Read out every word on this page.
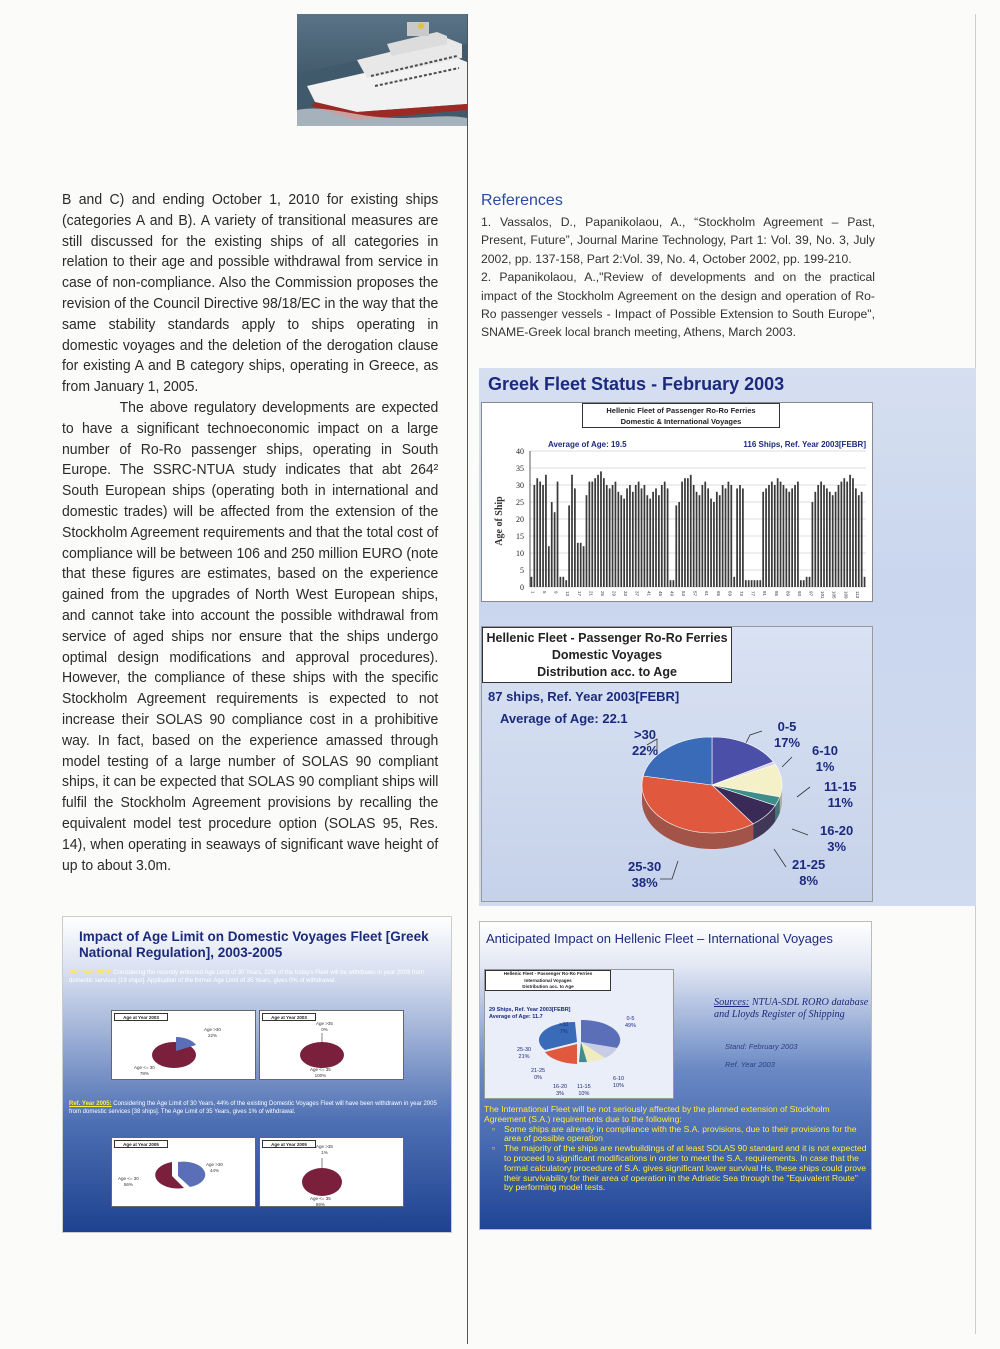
B and C) and ending October 1, 2010 for existing ships (categories A and B). A variety of transitional measures are still discussed for the existing ships of all categories in relation to their age and possible withdrawal from service in case of non-compliance. Also the Commission proposes the revision of the Council Directive 98/18/EC in the way that the same stability standards apply to ships operating in domestic voyages and the deletion of the derogation clause for existing A and B category ships, operating in Greece, as from January 1, 2005.

The above regulatory developments are expected to have a significant technoeconomic impact on a large number of Ro-Ro passenger ships, operating in South Europe. The SSRC-NTUA study indicates that abt 264² South European ships (operating both in international and domestic trades) will be affected from the extension of the Stockholm Agreement requirements and that the total cost of compliance will be between 106 and 250 million EURO (note that these figures are estimates, based on the experience gained from the upgrades of North West European ships, and cannot take into account the possible withdrawal from service of aged ships nor ensure that the ships undergo optimal design modifications and approval procedures). However, the compliance of these ships with the specific Stockholm Agreement requirements is expected to not increase their SOLAS 90 compliance cost in a prohibitive way. In fact, based on the experience amassed through model testing of a large number of SOLAS 90 compliant ships, it can be expected that SOLAS 90 compliant ships will fulfil the Stockholm Agreement provisions by recalling the equivalent model test procedure option (SOLAS 95, Res. 14), when operating in seaways of significant wave height of up to about 3.0m.

References
1. Vassalos, D., Papanikolaou, A., “Stockholm Agreement – Past, Present, Future”, Journal Marine Technology, Part 1: Vol. 39, No. 3, July 2002, pp. 137-158, Part 2:Vol. 39, No. 4, October 2002, pp. 199-210.
2. Papanikolaou, A.,"Review of developments and on the practical impact of the Stockholm Agreement on the design and operation of Ro-Ro passenger vessels - Impact of Possible Extension to South Europe", SNAME-Greek local branch meeting, Athens, March 2003.
Greek Fleet Status - February 2003
Hellenic Fleet of Passenger Ro-Ro Ferries
Domestic & International Voyages
Average of Age: 19.5	116 Ships, Ref. Year 2003[FEBR]
Age of Ship
0
5
10
15
20
25
30
35
40
1 5 9 13 17 21 25 29 33 37 41 45 49 53 57 61 65 69 73 77 81 85 89 93 97 101 105 109 113
Hellenic Fleet - Passenger Ro-Ro Ferries
Domestic Voyages
Distribution acc. to Age
87 ships, Ref. Year 2003[FEBR]
Average of Age: 22.1
0-5
17%
6-10
1%
11-15
11%
16-20
3%
21-25
8%
25-30
38%
>30
22%
Impact of Age Limit on Domestic Voyages Fleet [Greek National Regulation], 2003-2005
Ref. Year 2003: Considering the recently enforced Age Limit of 30 Years, 22% of the today's Fleet will be withdrawn in year 2003 from domestic services [19 ships]. Application of the former Age Limit of 35 Years, gives 0% of withdrawal.
Ref. Year 2005: Considering the Age Limit of 30 Years, 44% of the existing Domestic Voyages Fleet will have been withdrawn in year 2005 from domestic services [38 ships]. The Age Limit of 35 Years, gives 1% of withdrawal.
Age at Year 2003
Age >30
22%
Age <= 30
78%
Age at Year 2003
Age >35
0%
Age <= 35
100%
Age at Year 2005
Age >30
44%
Age <= 30
56%
Age at Year 2005	Age >35
1%
Age <= 35
99%
Anticipated Impact on Hellenic Fleet – International Voyages
Hellenic Fleet - Passenger Ro-Ro Ferries
International Voyages
Distribution acc. to Age
29 Ships, Ref. Year 2003[FEBR]
Average of Age: 11.7	0-5
49%
>30
7%
25-30
21%
21-25
0%
16-20
3%
11-15
10%
6-10
10%
Sources: NTUA-SDL RORO database and Lloyds Register of Shipping
Stand: February 2003
Ref. Year 2003
The International Fleet will be not seriously affected by the planned extension of Stockholm Agreement (S.A.) requirements due to the following:
▫ Some ships are already in compliance with the S.A. provisions, due to their provisions for the area of possible operation
▫ The majority of the ships are newbuildings of at least SOLAS 90 standard and it is not expected to proceed to significant modifications in order to meet the S.A. requirements. In case that the formal calculatory procedure of S.A. gives significant lower survival Hs, these ships could prove their survivability for their area of operation in the Adriatic Sea through the "Equivalent Route" by performing model tests.
